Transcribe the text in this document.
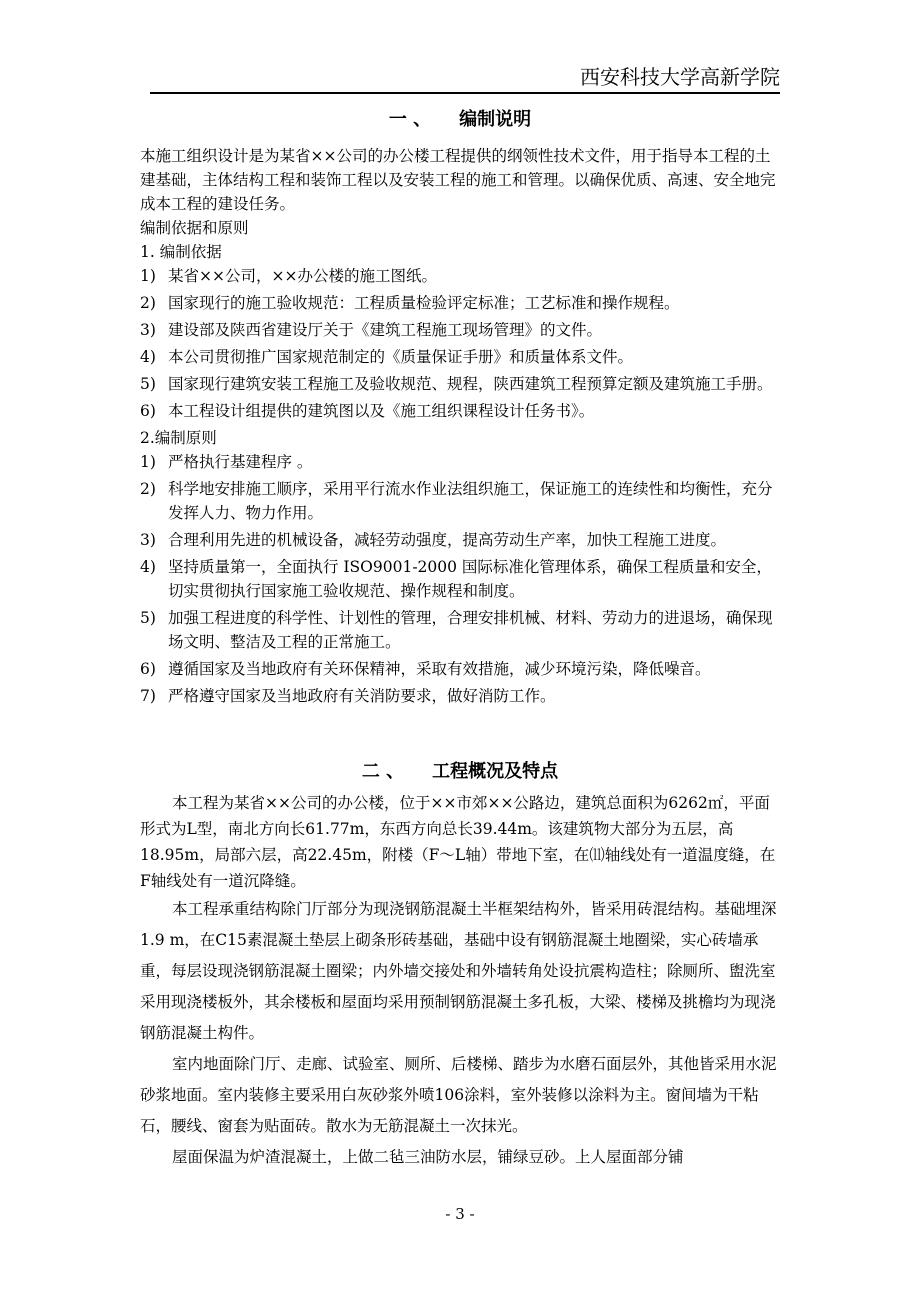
西安科技大学高新学院
一 、 编制说明

本施工组织设计是为某省××公司的办公楼工程提供的纲领性技术文件，用于指导本工程的土建基础，主体结构工程和装饰工程以及安装工程的施工和管理。以确保优质、高速、安全地完成本工程的建设任务。

编制依据和原则

1. 编制依据

1) 某省××公司，××办公楼的施工图纸。
2) 国家现行的施工验收规范：工程质量检验评定标准；工艺标准和操作规程。
3) 建设部及陕西省建设厅关于《建筑工程施工现场管理》的文件。
4) 本公司贯彻推广国家规范制定的《质量保证手册》和质量体系文件。
5) 国家现行建筑安装工程施工及验收规范、规程，陕西建筑工程预算定额及建筑施工手册。
6) 本工程设计组提供的建筑图以及《施工组织课程设计任务书》。

2.编制原则

1) 严格执行基建程序 。
2) 科学地安排施工顺序，采用平行流水作业法组织施工，保证施工的连续性和均衡性，充分发挥人力、物力作用。
3) 合理利用先进的机械设备，减轻劳动强度，提高劳动生产率，加快工程施工进度。
4) 坚持质量第一，全面执行 ISO9001-2000 国际标准化管理体系，确保工程质量和安全，切实贯彻执行国家施工验收规范、操作规程和制度。
5) 加强工程进度的科学性、计划性的管理，合理安排机械、材料、劳动力的进退场，确保现场文明、整洁及工程的正常施工。
6) 遵循国家及当地政府有关环保精神，采取有效措施，减少环境污染，降低噪音。
7) 严格遵守国家及当地政府有关消防要求，做好消防工作。
二 、 工程概况及特点

本工程为某省××公司的办公楼，位于××市郊××公路边，建筑总面积为6262㎡，平面形式为L型，南北方向长61.77m，东西方向总长39.44m。该建筑物大部分为五层，高18.95m，局部六层，高22.45m，附楼（F～L轴）带地下室，在⑾轴线处有一道温度缝，在F轴线处有一道沉降缝。

本工程承重结构除门厅部分为现浇钢筋混凝土半框架结构外，皆采用砖混结构。基础埋深1.9 m，在C15素混凝土垫层上砌条形砖基础，基础中设有钢筋混凝土地圈梁，实心砖墙承重，每层设现浇钢筋混凝土圈梁；内外墙交接处和外墙转角处设抗震构造柱；除厕所、盥洗室采用现浇楼板外，其余楼板和屋面均采用预制钢筋混凝土多孔板，大梁、楼梯及挑檐均为现浇钢筋混凝土构件。

室内地面除门厅、走廊、试验室、厕所、后楼梯、踏步为水磨石面层外，其他皆采用水泥砂浆地面。室内装修主要采用白灰砂浆外喷106涂料，室外装修以涂料为主。窗间墙为干粘石，腰线、窗套为贴面砖。散水为无筋混凝土一次抹光。

屋面保温为炉渣混凝土，上做二毡三油防水层，铺绿豆砂。上人屋面部分铺

- 3 -
